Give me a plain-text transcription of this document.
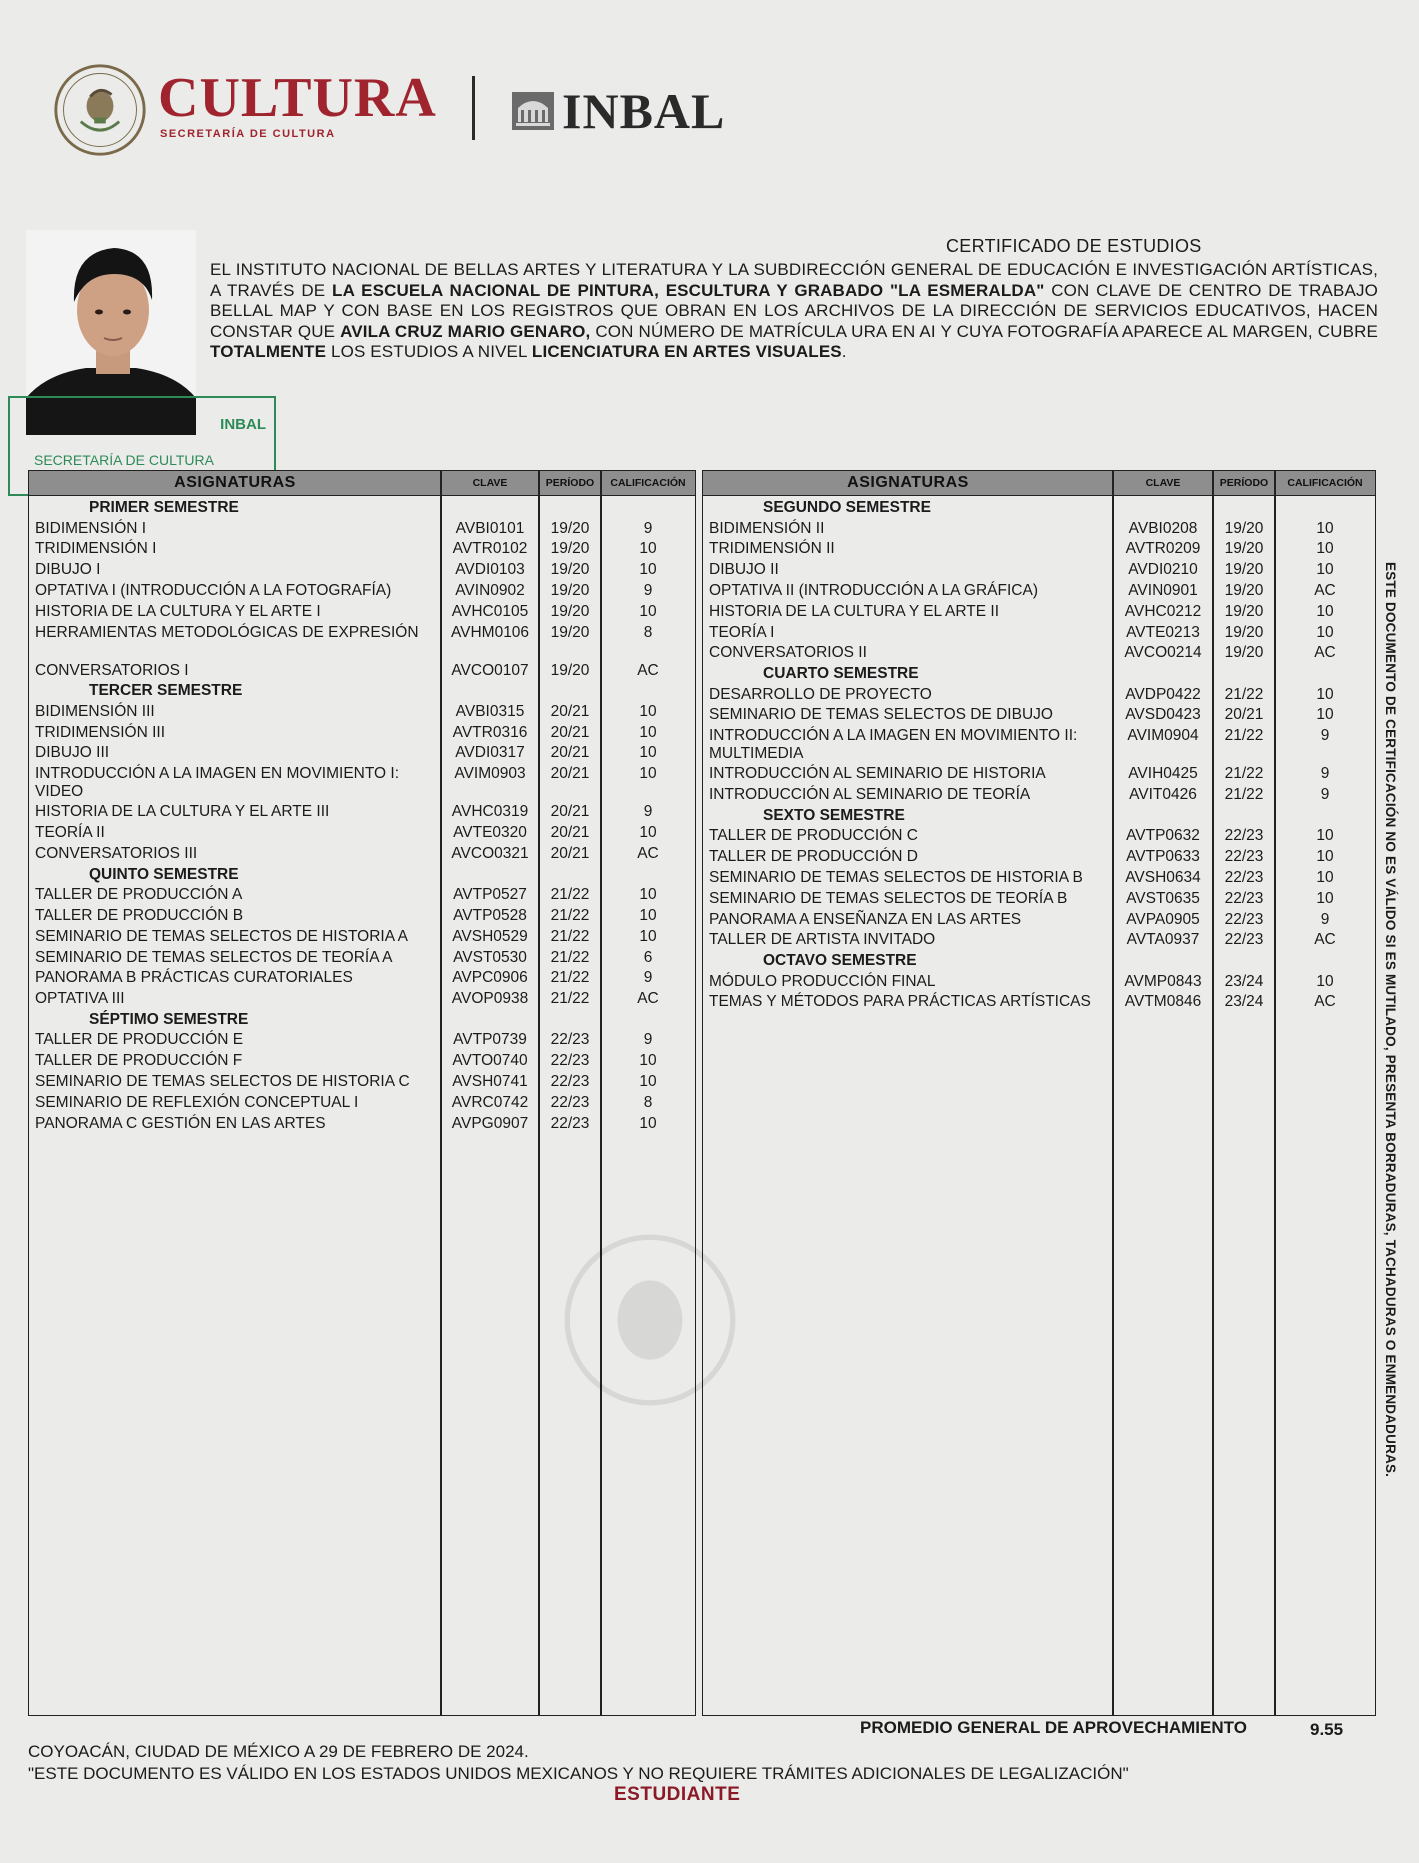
CULTURA
SECRETARÍA DE CULTURA	INBAL
INBAL
SECRETARÍA DE CULTURA
CERTIFICADO DE ESTUDIOS
EL INSTITUTO NACIONAL DE BELLAS ARTES Y LITERATURA Y LA SUBDIRECCIÓN GENERAL DE EDUCACIÓN E INVESTIGACIÓN ARTÍSTICAS, A TRAVÉS DE LA ESCUELA NACIONAL DE PINTURA, ESCULTURA Y GRABADO "LA ESMERALDA" CON CLAVE DE CENTRO DE TRABAJO BELLAL MAP Y CON BASE EN LOS REGISTROS QUE OBRAN EN LOS ARCHIVOS DE LA DIRECCIÓN DE SERVICIOS EDUCATIVOS, HACEN CONSTAR QUE AVILA CRUZ MARIO GENARO, CON NÚMERO DE MATRÍCULA URA EN AI Y CUYA FOTOGRAFÍA APARECE AL MARGEN, CUBRE TOTALMENTE LOS ESTUDIOS A NIVEL LICENCIATURA EN ARTES VISUALES.
ASIGNATURAS	CLAVE	PERÍODO	CALIFICACIÓN
PRIMER SEMESTRE
BIDIMENSIÓN I	AVBI0101	19/20	9
TRIDIMENSIÓN I	AVTR0102	19/20	10
DIBUJO I	AVDI0103	19/20	10
OPTATIVA I (INTRODUCCIÓN A LA FOTOGRAFÍA)	AVIN0902	19/20	9
HISTORIA DE LA CULTURA Y EL ARTE I	AVHC0105	19/20	10
HERRAMIENTAS METODOLÓGICAS DE EXPRESIÓN	AVHM0106	19/20	8
CONVERSATORIOS I	AVCO0107	19/20	AC
TERCER SEMESTRE
BIDIMENSIÓN III	AVBI0315	20/21	10
TRIDIMENSIÓN III	AVTR0316	20/21	10
DIBUJO III	AVDI0317	20/21	10
INTRODUCCIÓN A LA IMAGEN EN MOVIMIENTO I: VIDEO
AVIM0903	20/21	10
HISTORIA DE LA CULTURA Y EL ARTE III	AVHC0319	20/21	9
TEORÍA II	AVTE0320	20/21	10
CONVERSATORIOS III	AVCO0321	20/21	AC
QUINTO SEMESTRE
TALLER DE PRODUCCIÓN A	AVTP0527	21/22	10
TALLER DE PRODUCCIÓN B	AVTP0528	21/22	10
SEMINARIO DE TEMAS SELECTOS DE HISTORIA A	AVSH0529	21/22	10
SEMINARIO DE TEMAS SELECTOS DE TEORÍA A	AVST0530	21/22	6
PANORAMA B PRÁCTICAS CURATORIALES	AVPC0906	21/22	9
OPTATIVA III	AVOP0938	21/22	AC
SÉPTIMO SEMESTRE
TALLER DE PRODUCCIÓN E	AVTP0739	22/23	9
TALLER DE PRODUCCIÓN F	AVTO0740	22/23	10
SEMINARIO DE TEMAS SELECTOS DE HISTORIA C	AVSH0741	22/23	10
SEMINARIO DE REFLEXIÓN CONCEPTUAL I	AVRC0742	22/23	8
PANORAMA C GESTIÓN EN LAS ARTES	AVPG0907	22/23	10
ASIGNATURAS	CLAVE	PERÍODO	CALIFICACIÓN
SEGUNDO SEMESTRE
BIDIMENSIÓN II	AVBI0208	19/20	10
TRIDIMENSIÓN II	AVTR0209	19/20	10
DIBUJO II	AVDI0210	19/20	10
OPTATIVA II (INTRODUCCIÓN A LA GRÁFICA)	AVIN0901	19/20	AC
HISTORIA DE LA CULTURA Y EL ARTE II	AVHC0212	19/20	10
TEORÍA I	AVTE0213	19/20	10
CONVERSATORIOS II	AVCO0214	19/20	AC
CUARTO SEMESTRE
DESARROLLO DE PROYECTO	AVDP0422	21/22	10
SEMINARIO DE TEMAS SELECTOS DE DIBUJO	AVSD0423	20/21	10
INTRODUCCIÓN A LA IMAGEN EN MOVIMIENTO II: MULTIMEDIA
AVIM0904	21/22	9
INTRODUCCIÓN AL SEMINARIO DE HISTORIA	AVIH0425	21/22	9
INTRODUCCIÓN AL SEMINARIO DE TEORÍA	AVIT0426	21/22	9
SEXTO SEMESTRE
TALLER DE PRODUCCIÓN C	AVTP0632	22/23	10
TALLER DE PRODUCCIÓN D	AVTP0633	22/23	10
SEMINARIO DE TEMAS SELECTOS DE HISTORIA B	AVSH0634	22/23	10
SEMINARIO DE TEMAS SELECTOS DE TEORÍA B	AVST0635	22/23	10
PANORAMA A ENSEÑANZA EN LAS ARTES	AVPA0905	22/23	9
TALLER DE ARTISTA INVITADO	AVTA0937	22/23	AC
OCTAVO SEMESTRE
MÓDULO PRODUCCIÓN FINAL	AVMP0843	23/24	10
TEMAS Y MÉTODOS PARA PRÁCTICAS ARTÍSTICAS	AVTM0846	23/24	AC	ESTE DOCUMENTO DE CERTIFICACIÓN NO ES VÁLIDO SI ES MUTILADO, PRESENTA BORRADURAS, TACHADURAS O ENMENDADURAS.
PROMEDIO GENERAL DE APROVECHAMIENTO	9.55
COYOACÁN, CIUDAD DE MÉXICO A 29 DE FEBRERO DE 2024.
"ESTE DOCUMENTO ES VÁLIDO EN LOS ESTADOS UNIDOS MEXICANOS Y NO REQUIERE TRÁMITES ADICIONALES DE LEGALIZACIÓN"
ESTUDIANTE
